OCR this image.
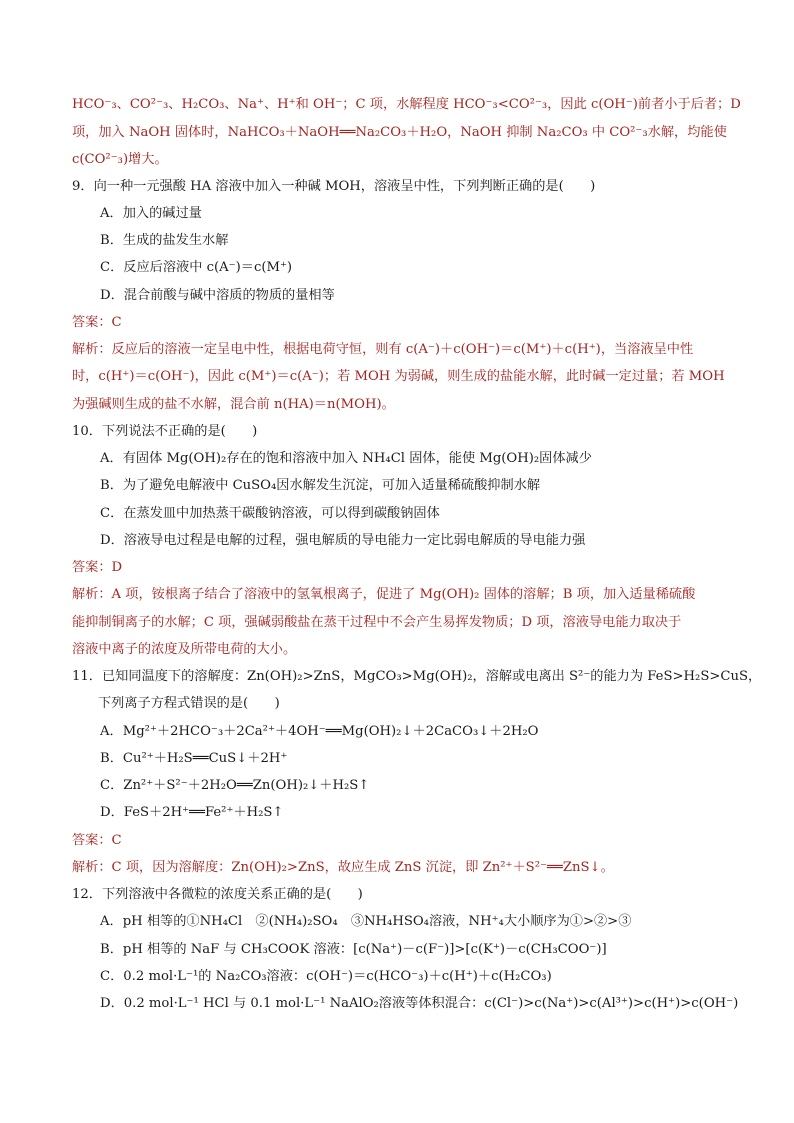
HCO⁻₃、CO²⁻₃、H₂CO₃、Na⁺、H⁺和 OH⁻；C 项，水解程度 HCO⁻₃<CO²⁻₃，因此 c(OH⁻)前者小于后者；D
项，加入 NaOH 固体时，NaHCO₃＋NaOH══Na₂CO₃＋H₂O，NaOH 抑制 Na₂CO₃ 中 CO²⁻₃水解，均能使
c(CO²⁻₃)增大。
9．向一种一元强酸 HA 溶液中加入一种碱 MOH，溶液呈中性，下列判断正确的是(　　)
A．加入的碱过量
B．生成的盐发生水解
C．反应后溶液中 c(A⁻)＝c(M⁺)
D．混合前酸与碱中溶质的物质的量相等
答案：C
解析：反应后的溶液一定呈电中性，根据电荷守恒，则有 c(A⁻)＋c(OH⁻)＝c(M⁺)＋c(H⁺)，当溶液呈中性
时，c(H⁺)＝c(OH⁻)，因此 c(M⁺)＝c(A⁻)；若 MOH 为弱碱，则生成的盐能水解，此时碱一定过量；若 MOH
为强碱则生成的盐不水解，混合前 n(HA)＝n(MOH)。
10．下列说法不正确的是(　　)
A．有固体 Mg(OH)₂存在的饱和溶液中加入 NH₄Cl 固体，能使 Mg(OH)₂固体减少
B．为了避免电解液中 CuSO₄因水解发生沉淀，可加入适量稀硫酸抑制水解
C．在蒸发皿中加热蒸干碳酸钠溶液，可以得到碳酸钠固体
D．溶液导电过程是电解的过程，强电解质的导电能力一定比弱电解质的导电能力强
答案：D
解析：A 项，铵根离子结合了溶液中的氢氧根离子，促进了 Mg(OH)₂ 固体的溶解；B 项，加入适量稀硫酸
能抑制铜离子的水解；C 项，强碱弱酸盐在蒸干过程中不会产生易挥发物质；D 项，溶液导电能力取决于
溶液中离子的浓度及所带电荷的大小。
11．已知同温度下的溶解度：Zn(OH)₂>ZnS，MgCO₃>Mg(OH)₂，溶解或电离出 S²⁻的能力为 FeS>H₂S>CuS，
下列离子方程式错误的是(　　)
A．Mg²⁺＋2HCO⁻₃＋2Ca²⁺＋4OH⁻══Mg(OH)₂↓＋2CaCO₃↓＋2H₂O
B．Cu²⁺＋H₂S══CuS↓＋2H⁺
C．Zn²⁺＋S²⁻＋2H₂O══Zn(OH)₂↓＋H₂S↑
D．FeS＋2H⁺══Fe²⁺＋H₂S↑
答案：C
解析：C 项，因为溶解度：Zn(OH)₂>ZnS，故应生成 ZnS 沉淀，即 Zn²⁺＋S²⁻══ZnS↓。
12．下列溶液中各微粒的浓度关系正确的是(　　)
A．pH 相等的①NH₄Cl　②(NH₄)₂SO₄　③NH₄HSO₄溶液，NH⁺₄大小顺序为①>②>③
B．pH 相等的 NaF 与 CH₃COOK 溶液：[c(Na⁺)－c(F⁻)]>[c(K⁺)－c(CH₃COO⁻)]
C．0.2 mol·L⁻¹的 Na₂CO₃溶液：c(OH⁻)＝c(HCO⁻₃)＋c(H⁺)＋c(H₂CO₃)
D．0.2 mol·L⁻¹ HCl 与 0.1 mol·L⁻¹ NaAlO₂溶液等体积混合：c(Cl⁻)>c(Na⁺)>c(Al³⁺)>c(H⁺)>c(OH⁻)
